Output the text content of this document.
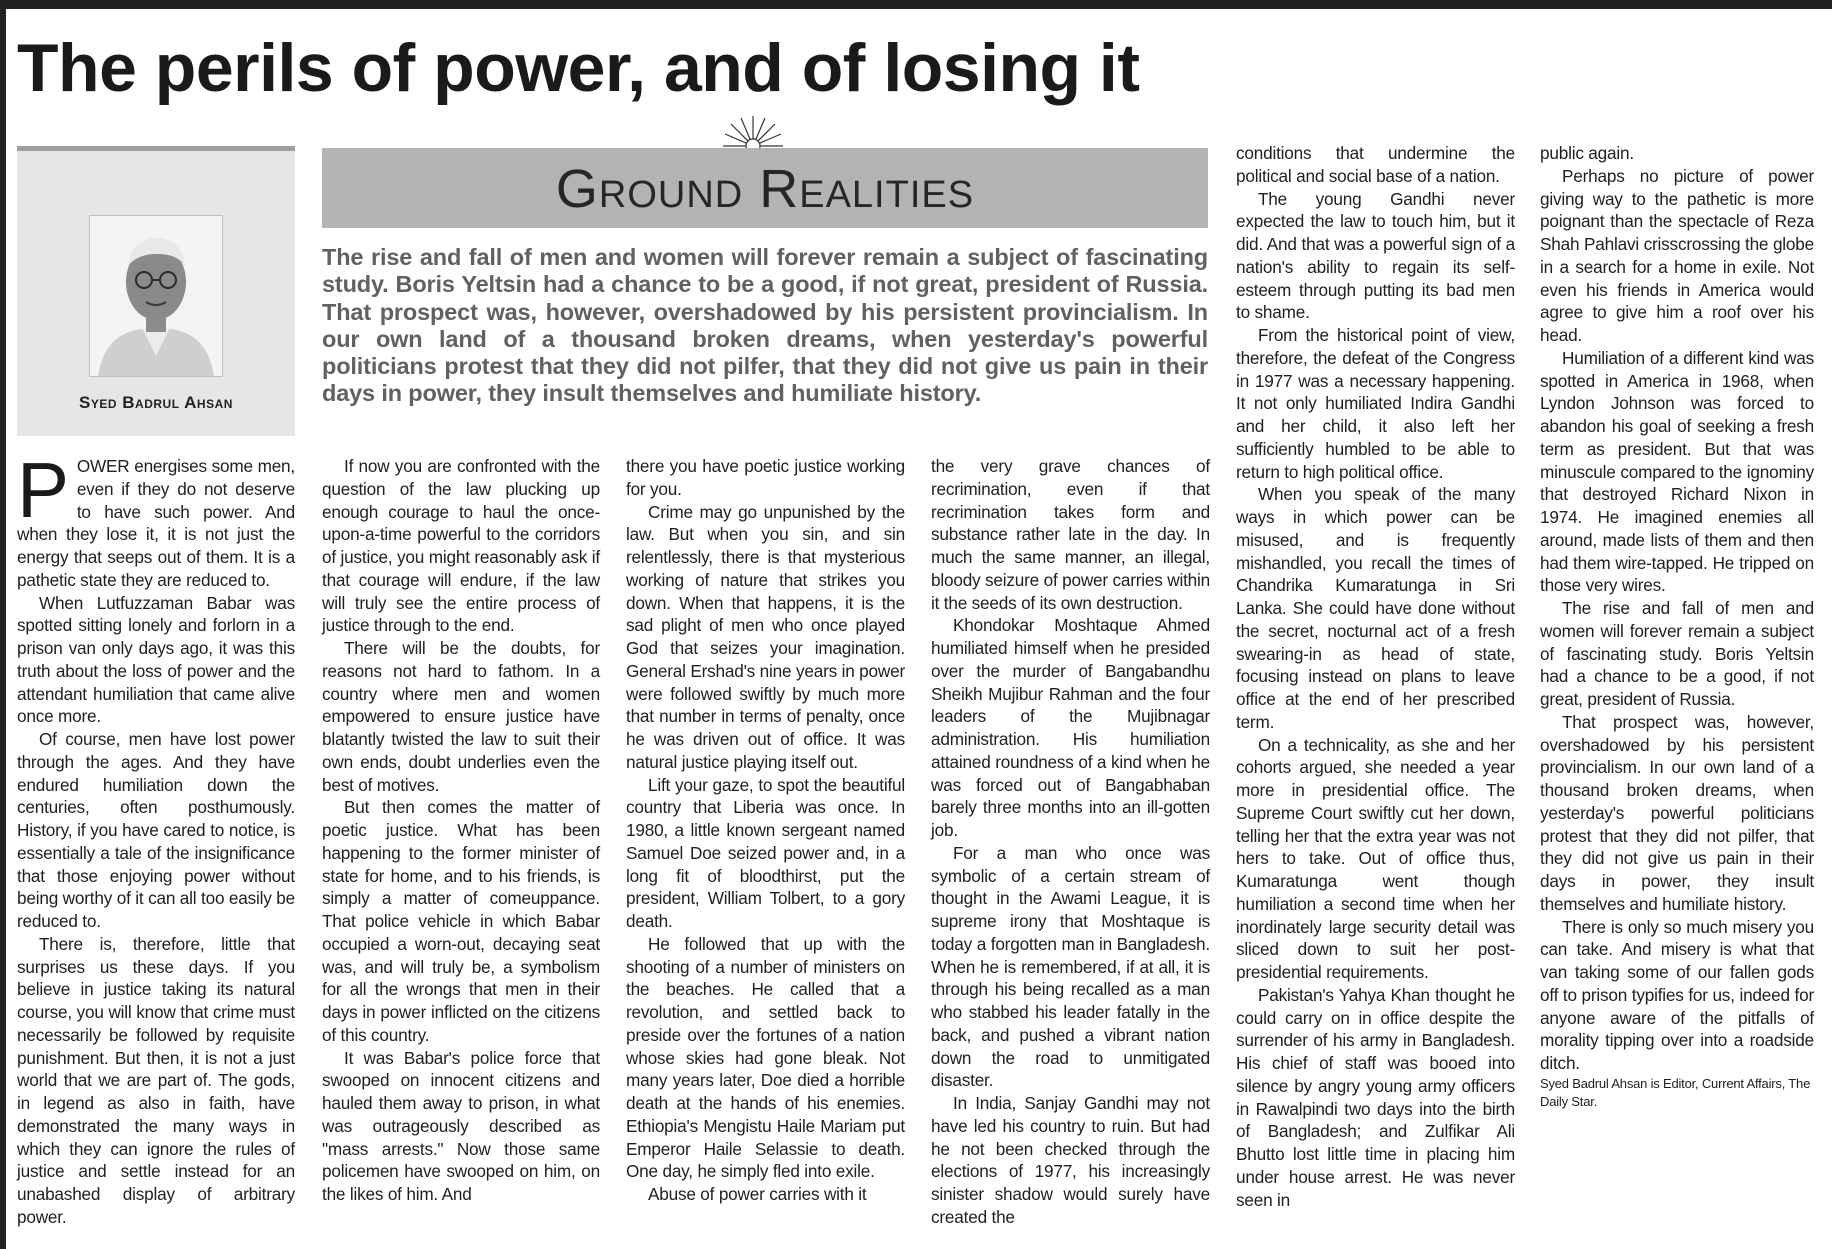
The perils of power, and of losing it
Syed Badrul Ahsan
Ground Realities
The rise and fall of men and women will forever remain a subject of fascinating study. Boris Yeltsin had a chance to be a good, if not great, president of Russia. That prospect was, however, overshadowed by his persistent provincialism. In our own land of a thousand broken dreams, when yesterday's powerful politicians protest that they did not pilfer, that they did not give us pain in their days in power, they insult themselves and humiliate history.

POWER energises some men, even if they do not deserve to have such power. And when they lose it, it is not just the energy that seeps out of them. It is a pathetic state they are reduced to.

When Lutfuzzaman Babar was spotted sitting lonely and forlorn in a prison van only days ago, it was this truth about the loss of power and the attendant humiliation that came alive once more.

Of course, men have lost power through the ages. And they have endured humiliation down the centuries, often posthumously. History, if you have cared to notice, is essentially a tale of the insignificance that those enjoying power without being worthy of it can all too easily be reduced to.

There is, therefore, little that surprises us these days. If you believe in justice taking its natural course, you will know that crime must necessarily be followed by requisite punishment. But then, it is not a just world that we are part of. The gods, in legend as also in faith, have demonstrated the many ways in which they can ignore the rules of justice and settle instead for an unabashed display of arbitrary power.

If now you are confronted with the question of the law plucking up enough courage to haul the once-upon-a-time powerful to the corridors of justice, you might reasonably ask if that courage will endure, if the law will truly see the entire process of justice through to the end.

There will be the doubts, for reasons not hard to fathom. In a country where men and women empowered to ensure justice have blatantly twisted the law to suit their own ends, doubt underlies even the best of motives.

But then comes the matter of poetic justice. What has been happening to the former minister of state for home, and to his friends, is simply a matter of comeuppance. That police vehicle in which Babar occupied a worn-out, decaying seat was, and will truly be, a symbolism for all the wrongs that men in their days in power inflicted on the citizens of this country.

It was Babar's police force that swooped on innocent citizens and hauled them away to prison, in what was outrageously described as "mass arrests." Now those same policemen have swooped on him, on the likes of him. And

there you have poetic justice working for you.

Crime may go unpunished by the law. But when you sin, and sin relentlessly, there is that mysterious working of nature that strikes you down. When that happens, it is the sad plight of men who once played God that seizes your imagination. General Ershad's nine years in power were followed swiftly by much more that number in terms of penalty, once he was driven out of office. It was natural justice playing itself out.

Lift your gaze, to spot the beautiful country that Liberia was once. In 1980, a little known sergeant named Samuel Doe seized power and, in a long fit of bloodthirst, put the president, William Tolbert, to a gory death.

He followed that up with the shooting of a number of ministers on the beaches. He called that a revolution, and settled back to preside over the fortunes of a nation whose skies had gone bleak. Not many years later, Doe died a horrible death at the hands of his enemies. Ethiopia's Mengistu Haile Mariam put Emperor Haile Selassie to death. One day, he simply fled into exile.

Abuse of power carries with it

the very grave chances of recrimination, even if that recrimination takes form and substance rather late in the day. In much the same manner, an illegal, bloody seizure of power carries within it the seeds of its own destruction.

Khondokar Moshtaque Ahmed humiliated himself when he presided over the murder of Bangabandhu Sheikh Mujibur Rahman and the four leaders of the Mujibnagar administration. His humiliation attained roundness of a kind when he was forced out of Bangabhaban barely three months into an ill-gotten job.

For a man who once was symbolic of a certain stream of thought in the Awami League, it is supreme irony that Moshtaque is today a forgotten man in Bangladesh. When he is remembered, if at all, it is through his being recalled as a man who stabbed his leader fatally in the back, and pushed a vibrant nation down the road to unmitigated disaster.

In India, Sanjay Gandhi may not have led his country to ruin. But had he not been checked through the elections of 1977, his increasingly sinister shadow would surely have created the

conditions that undermine the political and social base of a nation.

The young Gandhi never expected the law to touch him, but it did. And that was a powerful sign of a nation's ability to regain its self-esteem through putting its bad men to shame.

From the historical point of view, therefore, the defeat of the Congress in 1977 was a necessary happening. It not only humiliated Indira Gandhi and her child, it also left her sufficiently humbled to be able to return to high political office.

When you speak of the many ways in which power can be misused, and is frequently mishandled, you recall the times of Chandrika Kumaratunga in Sri Lanka. She could have done without the secret, nocturnal act of a fresh swearing-in as head of state, focusing instead on plans to leave office at the end of her prescribed term.

On a technicality, as she and her cohorts argued, she needed a year more in presidential office. The Supreme Court swiftly cut her down, telling her that the extra year was not hers to take. Out of office thus, Kumaratunga went though humiliation a second time when her inordinately large security detail was sliced down to suit her post-presidential requirements.

Pakistan's Yahya Khan thought he could carry on in office despite the surrender of his army in Bangladesh. His chief of staff was booed into silence by angry young army officers in Rawalpindi two days into the birth of Bangladesh; and Zulfikar Ali Bhutto lost little time in placing him under house arrest. He was never seen in

public again.

Perhaps no picture of power giving way to the pathetic is more poignant than the spectacle of Reza Shah Pahlavi crisscrossing the globe in a search for a home in exile. Not even his friends in America would agree to give him a roof over his head.

Humiliation of a different kind was spotted in America in 1968, when Lyndon Johnson was forced to abandon his goal of seeking a fresh term as president. But that was minuscule compared to the ignominy that destroyed Richard Nixon in 1974. He imagined enemies all around, made lists of them and then had them wire-tapped. He tripped on those very wires.

The rise and fall of men and women will forever remain a subject of fascinating study. Boris Yeltsin had a chance to be a good, if not great, president of Russia.

That prospect was, however, overshadowed by his persistent provincialism. In our own land of a thousand broken dreams, when yesterday's powerful politicians protest that they did not pilfer, that they did not give us pain in their days in power, they insult themselves and humiliate history.

There is only so much misery you can take. And misery is what that van taking some of our fallen gods off to prison typifies for us, indeed for anyone aware of the pitfalls of morality tipping over into a roadside ditch.

Syed Badrul Ahsan is Editor, Current Affairs, The Daily Star.
